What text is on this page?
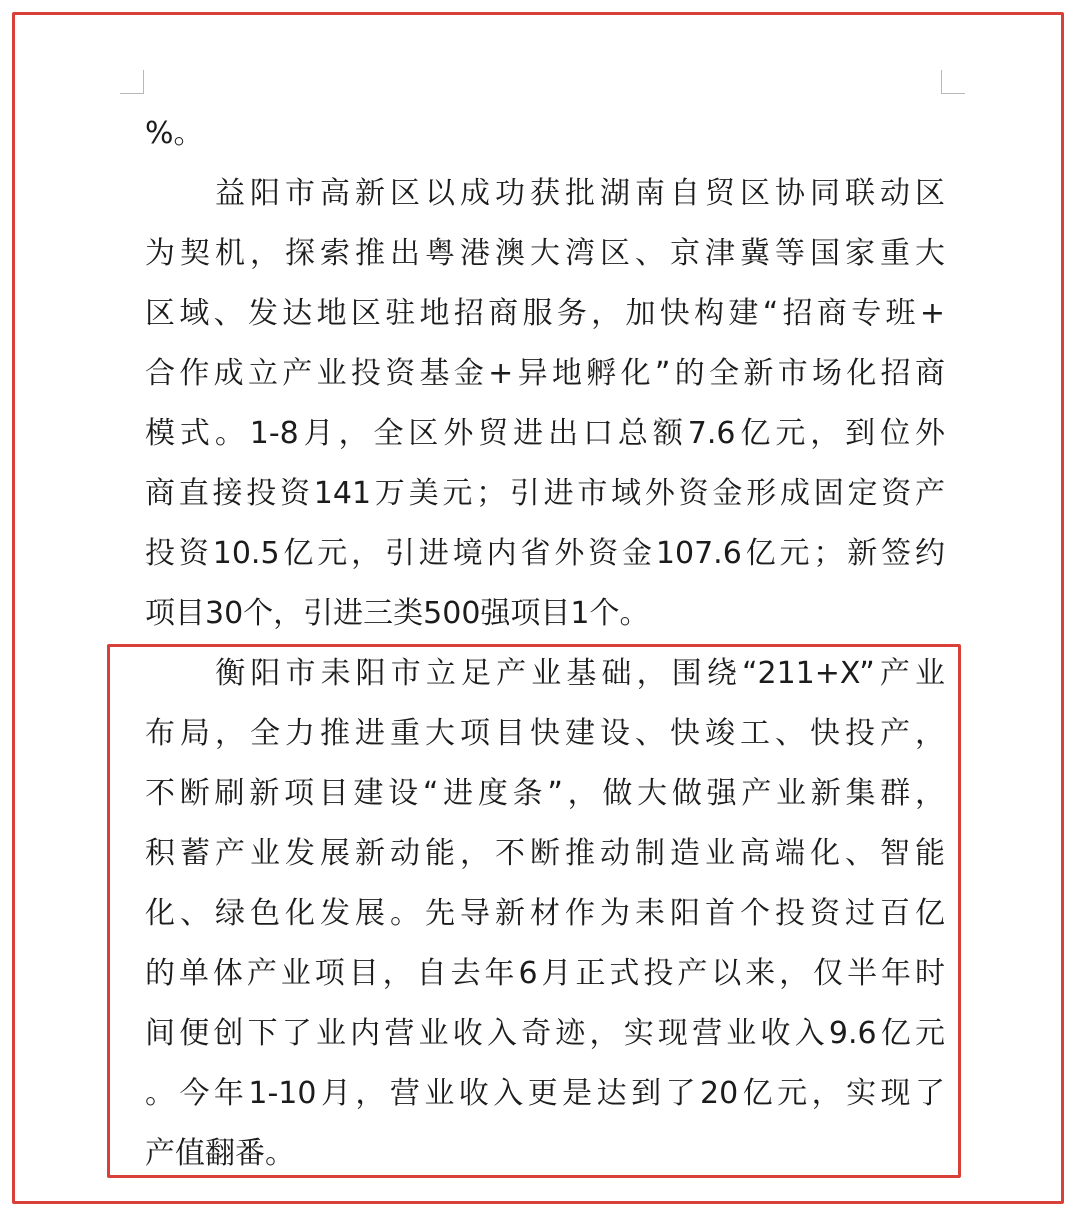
%。
　　益阳市高新区以成功获批湖南自贸区协同联动区
为契机，探索推出粤港澳大湾区、京津冀等国家重大
区域、发达地区驻地招商服务，加快构建“招商专班+
合作成立产业投资基金+异地孵化”的全新市场化招商
模式。1-8月，全区外贸进出口总额7.6亿元，到位外
商直接投资141万美元；引进市域外资金形成固定资产
投资10.5亿元，引进境内省外资金107.6亿元；新签约
项目30个，引进三类500强项目1个。
　　衡阳市耒阳市立足产业基础，围绕“211+X”产业
布局，全力推进重大项目快建设、快竣工、快投产，
不断刷新项目建设“进度条”，做大做强产业新集群，
积蓄产业发展新动能，不断推动制造业高端化、智能
化、绿色化发展。先导新材作为耒阳首个投资过百亿
的单体产业项目，自去年6月正式投产以来，仅半年时
间便创下了业内营业收入奇迹，实现营业收入9.6亿元
。今年1-10月，营业收入更是达到了20亿元，实现了
产值翻番。
